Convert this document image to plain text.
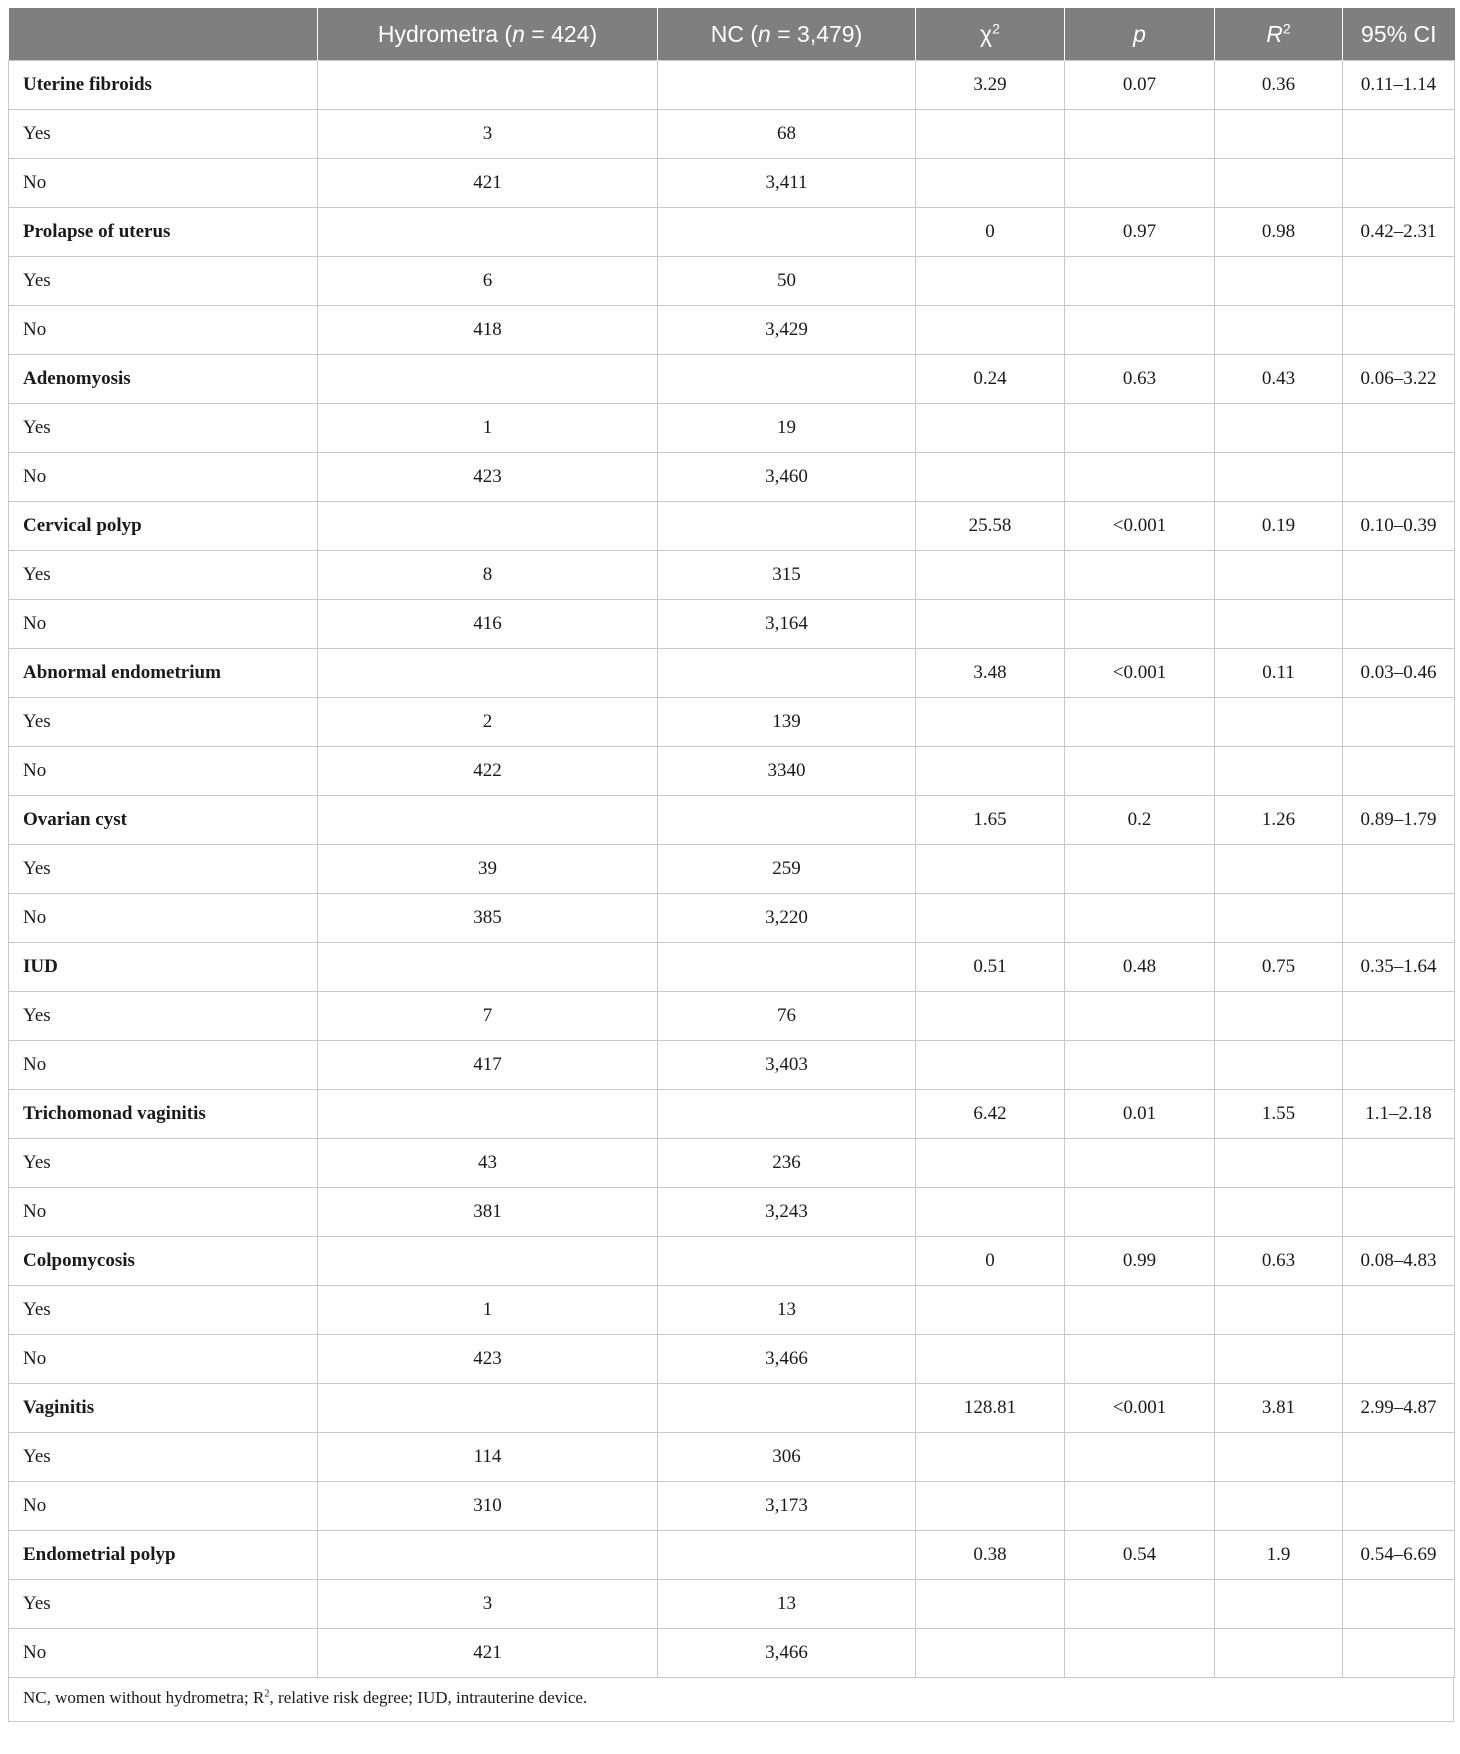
	Hydrometra (n = 424)	NC (n = 3,479)	$\chi^2$	p	$R^2$	95% CI
Uterine fibroids			3.29	0.07	0.36	0.11–1.14
Yes	3	68				
No	421	3,411				
Prolapse of uterus			0	0.97	0.98	0.42–2.31
Yes	6	50				
No	418	3,429				
Adenomyosis			0.24	0.63	0.43	0.06–3.22
Yes	1	19				
No	423	3,460				
Cervical polyp			25.58	<0.001	0.19	0.10–0.39
Yes	8	315				
No	416	3,164				
Abnormal endometrium			3.48	<0.001	0.11	0.03–0.46
Yes	2	139				
No	422	3340				
Ovarian cyst			1.65	0.2	1.26	0.89–1.79
Yes	39	259				
No	385	3,220				
IUD			0.51	0.48	0.75	0.35–1.64
Yes	7	76				
No	417	3,403				
Trichomonad vaginitis			6.42	0.01	1.55	1.1–2.18
Yes	43	236				
No	381	3,243				
Colpomycosis			0	0.99	0.63	0.08–4.83
Yes	1	13				
No	423	3,466				
Vaginitis			128.81	<0.001	3.81	2.99–4.87
Yes	114	306				
No	310	3,173				
Endometrial polyp			0.38	0.54	1.9	0.54–6.69
Yes	3	13				
No	421	3,466				
NC, women without hydrometra; $R^2$, relative risk degree; IUD, intrauterine device.
